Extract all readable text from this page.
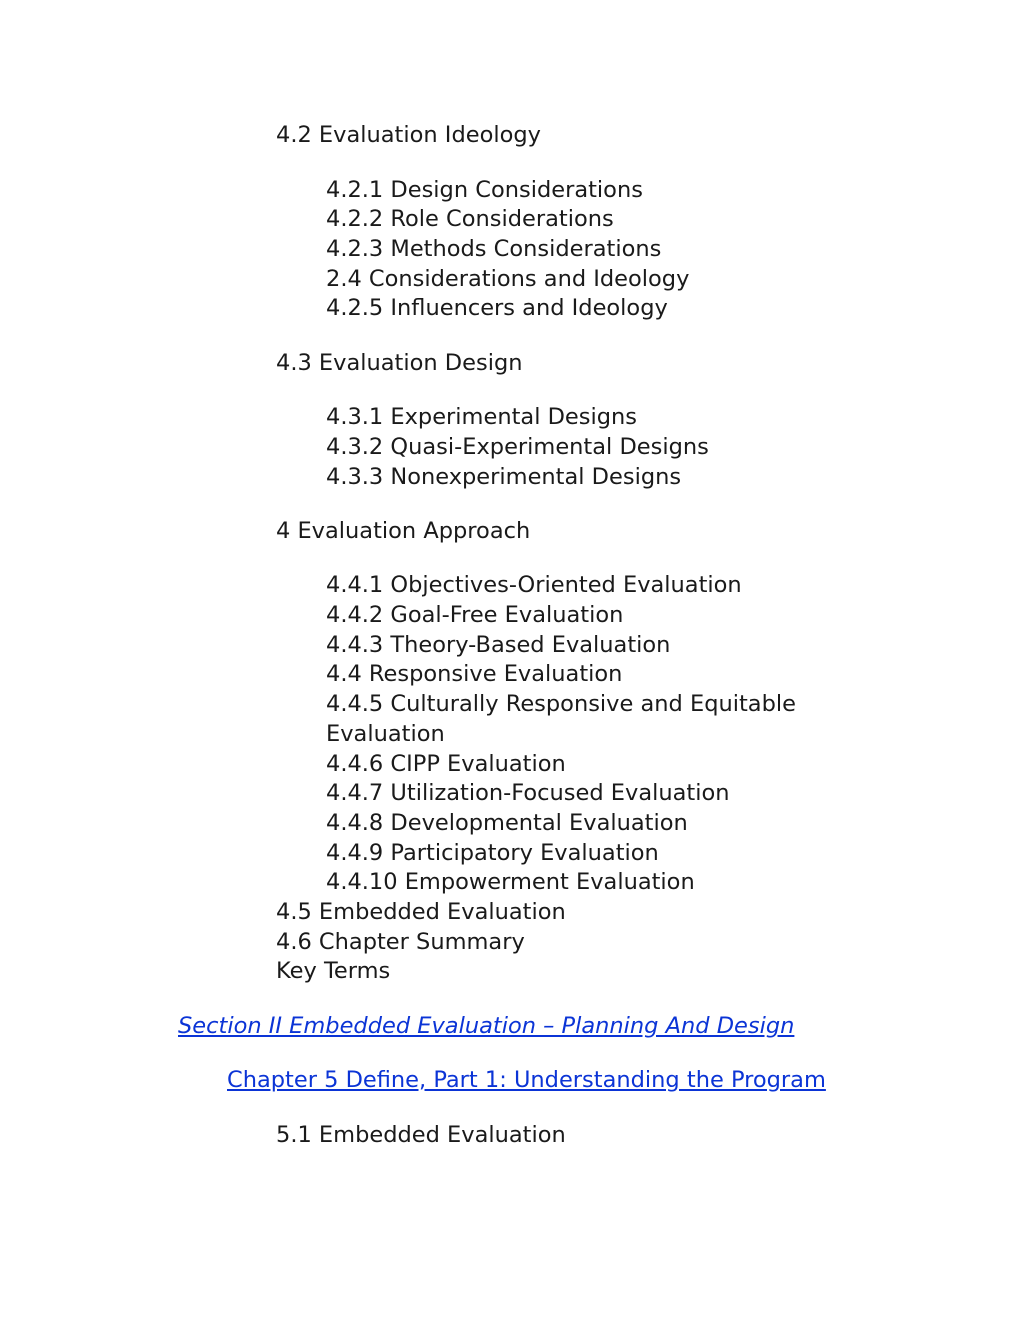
4.2 Evaluation Ideology
4.2.1 Design Considerations
4.2.2 Role Considerations
4.2.3 Methods Considerations
2.4 Considerations and Ideology
4.2.5 Influencers and Ideology
4.3 Evaluation Design
4.3.1 Experimental Designs
4.3.2 Quasi-Experimental Designs
4.3.3 Nonexperimental Designs
4 Evaluation Approach
4.4.1 Objectives-Oriented Evaluation
4.4.2 Goal-Free Evaluation
4.4.3 Theory-Based Evaluation
4.4 Responsive Evaluation
4.4.5 Culturally Responsive and Equitable
Evaluation
4.4.6 CIPP Evaluation
4.4.7 Utilization-Focused Evaluation
4.4.8 Developmental Evaluation
4.4.9 Participatory Evaluation
4.4.10 Empowerment Evaluation
4.5 Embedded Evaluation
4.6 Chapter Summary
Key Terms
Section II Embedded Evaluation – Planning And Design
Chapter 5 Define, Part 1: Understanding the Program
5.1 Embedded Evaluation
